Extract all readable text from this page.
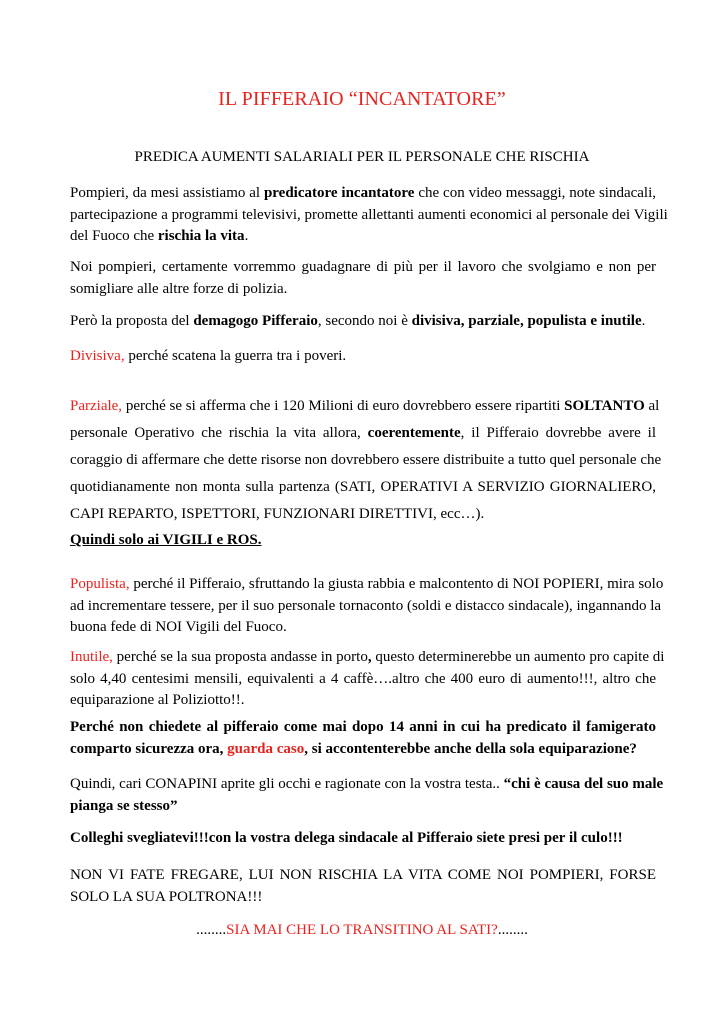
IL PIFFERAIO “INCANTATORE”
PREDICA AUMENTI SALARIALI PER IL PERSONALE CHE RISCHIA
Pompieri, da mesi assistiamo al predicatore incantatore che con video messaggi, note sindacali,
partecipazione a programmi televisivi, promette allettanti aumenti economici al personale dei Vigili
del Fuoco che rischia la vita.
Noi pompieri, certamente vorremmo guadagnare di più per il lavoro che svolgiamo e non per
somigliare alle altre forze di polizia.
Però la proposta del demagogo Pifferaio, secondo noi è divisiva, parziale, populista e inutile.
Divisiva, perché scatena la guerra tra i poveri.
Parziale, perché se si afferma che i 120 Milioni di euro dovrebbero essere ripartiti SOLTANTO al
personale Operativo che rischia la vita allora, coerentemente, il Pifferaio dovrebbe avere il
coraggio di affermare che dette risorse non dovrebbero essere distribuite a tutto quel personale che
quotidianamente non monta sulla partenza (SATI, OPERATIVI A SERVIZIO GIORNALIERO,
CAPI REPARTO, ISPETTORI, FUNZIONARI DIRETTIVI, ecc…).
Quindi solo ai VIGILI e ROS.
Populista, perché il Pifferaio, sfruttando la giusta rabbia e malcontento di NOI POPIERI, mira solo
ad incrementare tessere, per il suo personale tornaconto (soldi e distacco sindacale), ingannando la
buona fede di NOI Vigili del Fuoco.
Inutile, perché se la sua proposta andasse in porto, questo determinerebbe un aumento pro capite di
solo 4,40 centesimi mensili, equivalenti a 4 caffè….altro che 400 euro di aumento!!!, altro che
equiparazione al Poliziotto!!.
Perché non chiedete al pifferaio come mai dopo 14 anni in cui ha predicato il famigerato
comparto sicurezza ora, guarda caso, si accontenterebbe anche della sola equiparazione?
Quindi, cari CONAPINI aprite gli occhi e ragionate con la vostra testa.. “chi è causa del suo male
pianga se stesso”
Colleghi svegliatevi!!!con la vostra delega sindacale al Pifferaio siete presi per il culo!!!
NON VI FATE FREGARE, LUI NON RISCHIA LA VITA COME NOI POMPIERI, FORSE
SOLO LA SUA POLTRONA!!!
........SIA MAI CHE LO TRANSITINO AL SATI?........
